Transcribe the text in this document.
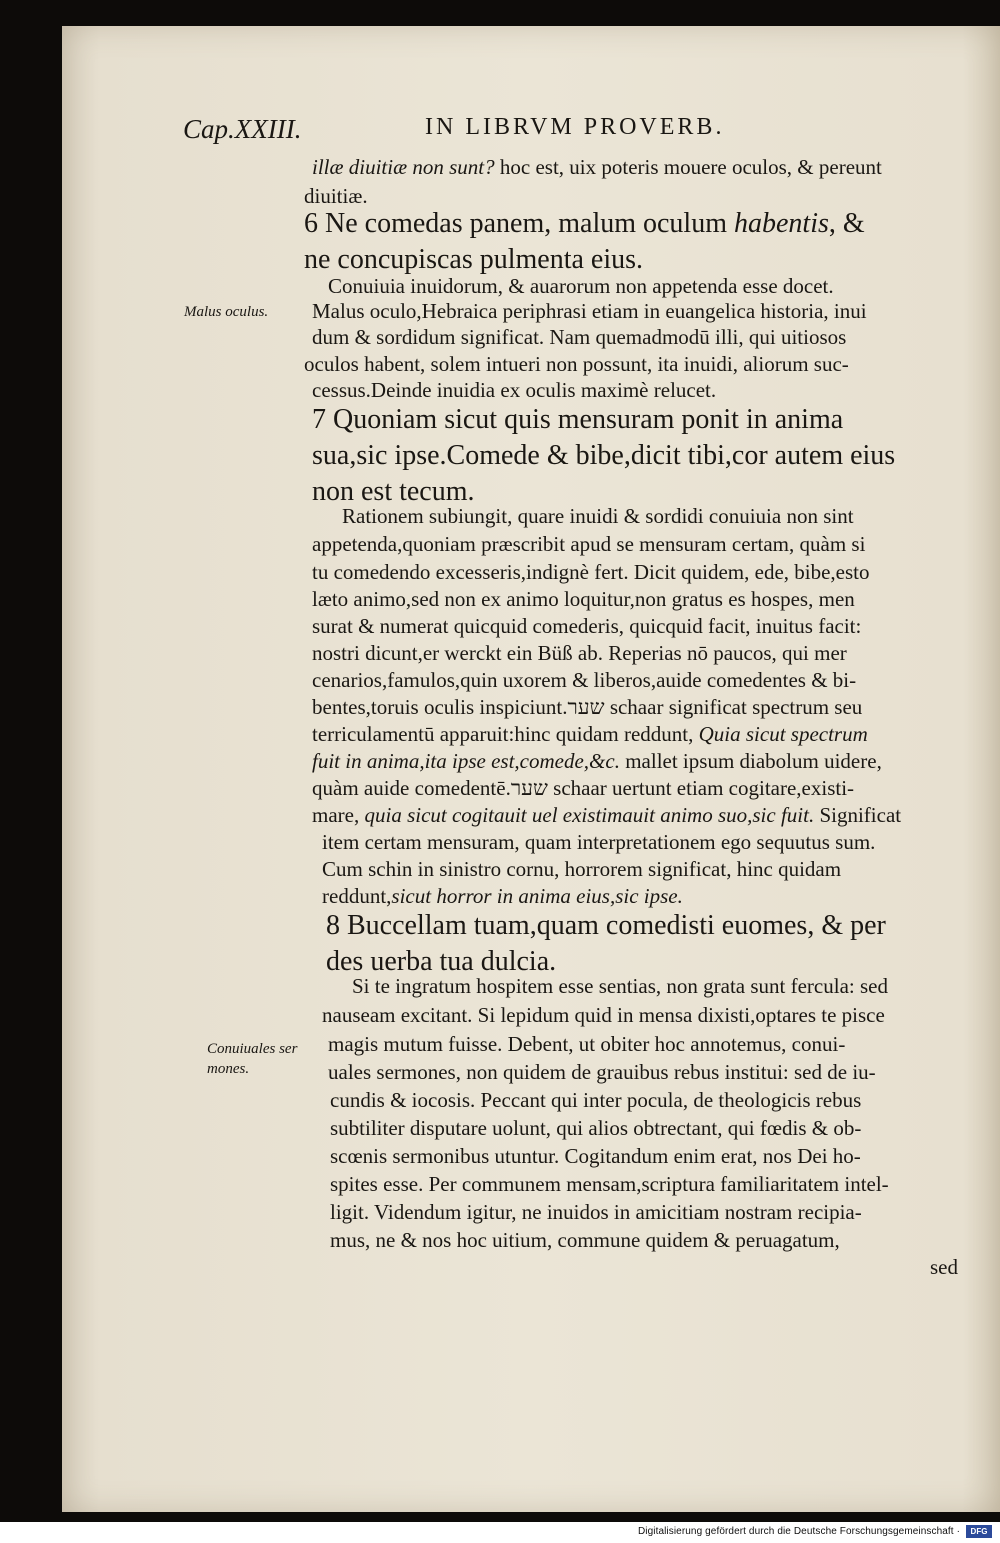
Cap.XXIII.	IN LIBRVM PROVERB.
illæ diuitiæ non sunt? hoc est, uix poteris mouere oculos, & pereunt
diuitiæ.
6 Ne comedas panem, malum oculum habentis, &
ne concupiscas pulmenta eius.
Conuiuia inuidorum, & auarorum non appetenda esse docet.
Malus oculo,Hebraica periphrasi etiam in euangelica historia, inui
dum & sordidum significat. Nam quemadmodū illi, qui uitiosos
oculos habent, solem intueri non possunt, ita inuidi, aliorum suc-
cessus.Deinde inuidia ex oculis maximè relucet.
7 Quoniam sicut quis mensuram ponit in anima
sua,sic ipse.Comede & bibe,dicit tibi,cor autem eius
non est tecum.
Rationem subiungit, quare inuidi & sordidi conuiuia non sint
appetenda,quoniam præscribit apud se mensuram certam, quàm si
tu comedendo excesseris,indignè fert. Dicit quidem, ede, bibe,esto
læto animo,sed non ex animo loquitur,non gratus es hospes, men
surat & numerat quicquid comederis, quicquid facit, inuitus facit:
nostri dicunt,er werckt ein Büß ab. Reperias nō paucos, qui mer
cenarios,famulos,quin uxorem & liberos,auide comedentes & bi-
bentes,toruis oculis inspiciunt.שער schaar significat spectrum seu
terriculamentū apparuit:hinc quidam reddunt, Quia sicut spectrum
fuit in anima,ita ipse est,comede,&c. mallet ipsum diabolum uidere,
quàm auide comedentē.שער schaar uertunt etiam cogitare,existi-
mare, quia sicut cogitauit uel existimauit animo suo,sic fuit. Significat
item certam mensuram, quam interpretationem ego sequutus sum.
Cum schin in sinistro cornu, horrorem significat, hinc quidam
reddunt,sicut horror in anima eius,sic ipse.
8 Buccellam tuam,quam comedisti euomes, & per
des uerba tua dulcia.
Si te ingratum hospitem esse sentias, non grata sunt fercula: sed
nauseam excitant. Si lepidum quid in mensa dixisti,optares te pisce
magis mutum fuisse. Debent, ut obiter hoc annotemus, conui-
uales sermones, non quidem de grauibus rebus institui: sed de iu-
cundis & iocosis. Peccant qui inter pocula, de theologicis rebus
subtiliter disputare uolunt, qui alios obtrectant, qui fœdis & ob-
scœnis sermonibus utuntur. Cogitandum enim erat, nos Dei ho-
spites esse. Per communem mensam,scriptura familiaritatem intel-
ligit. Videndum igitur, ne inuidos in amicitiam nostram recipia-
mus, ne & nos hoc uitium, commune quidem & peruagatum,
sed
Malus oculus.
Conuiuales ser
mones.
Digitalisierung gefördert durch die Deutsche Forschungsgemeinschaft ·	DFG
